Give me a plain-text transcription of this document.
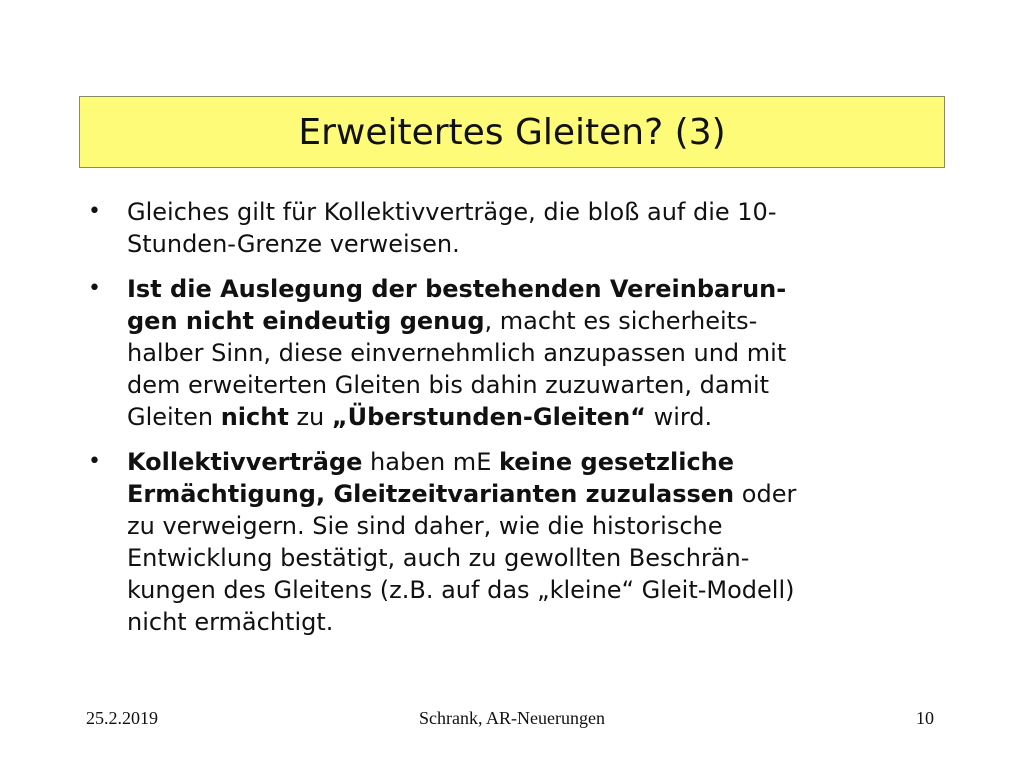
Erweitertes Gleiten? (3)
• Gleiches gilt für Kollektivverträge, die bloß auf die 10-
Stunden-Grenze verweisen.
• Ist die Auslegung der bestehenden Vereinbarun-
gen nicht eindeutig genug, macht es sicherheits-
halber Sinn, diese einvernehmlich anzupassen und mit
dem erweiterten Gleiten bis dahin zuzuwarten, damit
Gleiten nicht zu „Überstunden-Gleiten“ wird.
• Kollektivverträge haben mE keine gesetzliche
Ermächtigung, Gleitzeitvarianten zuzulassen oder
zu verweigern. Sie sind daher, wie die historische
Entwicklung bestätigt, auch zu gewollten Beschrän-
kungen des Gleitens (z.B. auf das „kleine“ Gleit-Modell)
nicht ermächtigt.
25.2.2019	Schrank, AR-Neuerungen	10
